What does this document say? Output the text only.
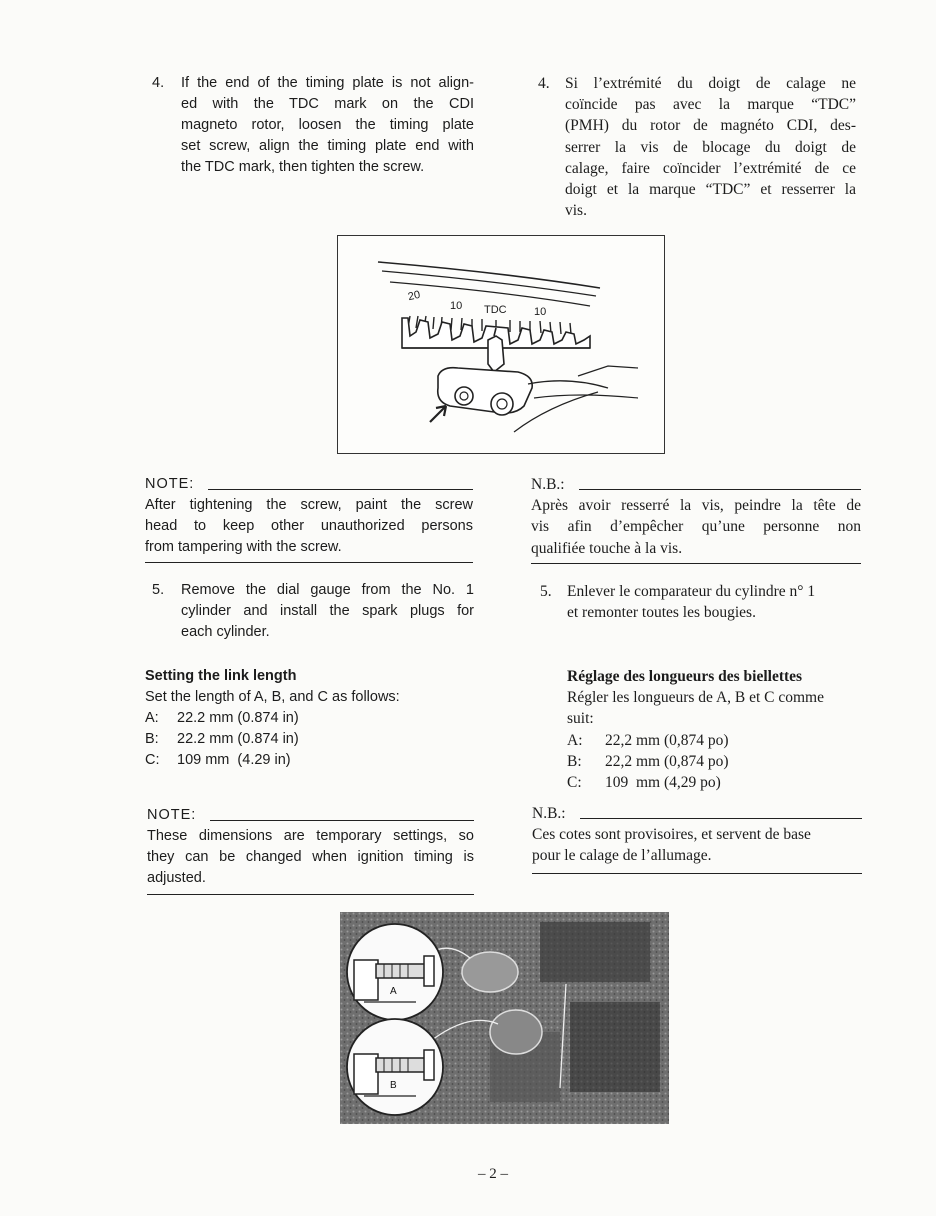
4.	If the end of the timing plate is not align-
ed with the TDC mark on the CDI
magneto rotor, loosen the timing plate
set screw, align the timing plate end with
the TDC mark, then tighten the screw.
4. Si l’extrémité du doigt de calage ne
coïncide pas avec la marque “TDC”
(PMH) du rotor de magnéto CDI, des-
serrer la vis de blocage du doigt de
calage, faire coïncider l’extrémité de ce
doigt et la marque “TDC” et resserrer la
vis.
20
10 TDC 10
NOTE:
After tightening the screw, paint the screw
head to keep other unauthorized persons
from tampering with the screw.
N.B.:
Après avoir resserré la vis, peindre la tête de
vis afin d’empêcher qu’une personne non
qualifiée touche à la vis.
5.	Remove the dial gauge from the No. 1
cylinder and install the spark plugs for
each cylinder.
5. Enlever le comparateur du cylindre n° 1
et remonter toutes les bougies.
Setting the link length
Set the length of A, B, and C as follows:
A:	22.2 mm (0.874 in)
B:	22.2 mm (0.874 in)
C:	109 mm  (4.29 in)
Réglage des longueurs des biellettes
Régler les longueurs de A, B et C comme
suit:
A:	22,2 mm (0,874 po)
B:	22,2 mm (0,874 po)
C:	109  mm (4,29 po)
NOTE:
These dimensions are temporary settings, so
they can be changed when ignition timing is
adjusted.
N.B.:
Ces cotes sont provisoires, et servent de base
pour le calage de l’allumage.
A
B
– 2 –
